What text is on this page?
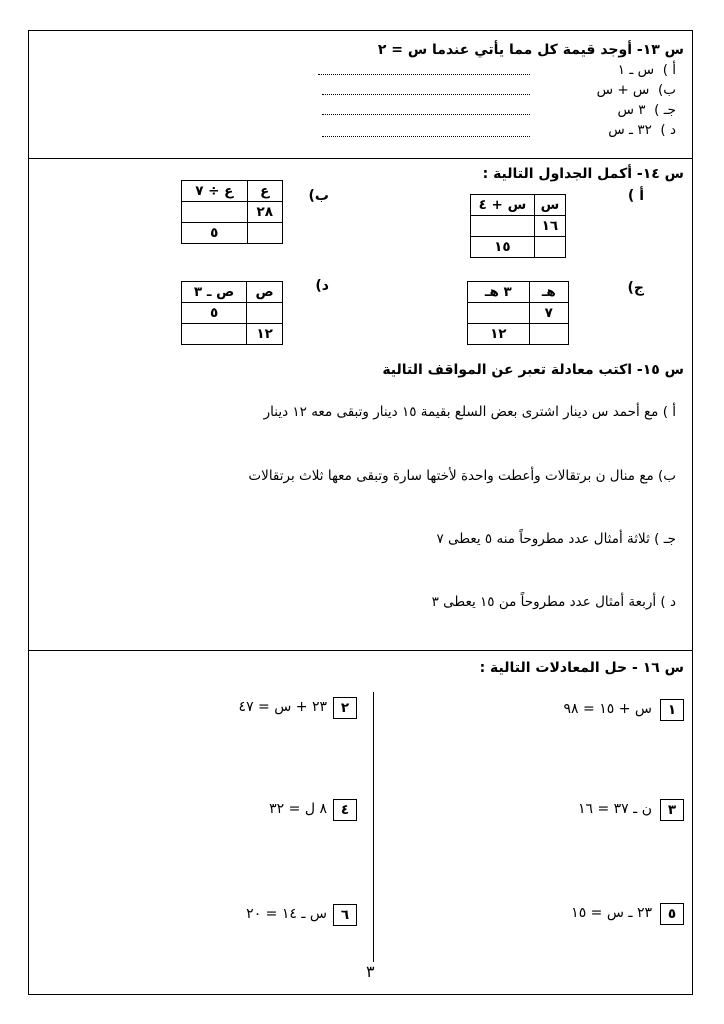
س ١٣- أوجد قيمة كل مما يأتي عندما س = ٢
أ )  س ـ ١
ب)  س + س
جـ )  ٣ س
د )  ٣٢ ـ س
س ١٤- أكمل الجداول التالية :
أ )
ب)
ج)
د)
س	س + ٤
١٦	
	١٥
ع	ع ÷ ٧
٢٨	
	٥
هـ	٣ هـ
٧	
	١٢
ص	ص ـ ٣
	٥
١٢	
س ١٥- اكتب معادلة تعبر عن المواقف التالية
أ ) مع أحمد س دينار اشترى بعض السلع بقيمة ١٥ دينار وتبقى معه ١٢ دينار
ب) مع منال ن برتقالات وأعطت واحدة لأختها سارة وتبقى معها ثلاث برتقالات
جـ ) ثلاثة أمثال عدد مطروحاً منه ٥ يعطى ٧
د ) أربعة أمثال عدد مطروحاً من ١٥ يعطى ٣
س ١٦ - حل المعادلات التالية :
١
س + ١٥ = ٩٨
٢
٢٣ + س = ٤٧
٣
ن ـ ٣٧ = ١٦
٤
٨ ل = ٣٢
٥
٢٣ ـ س = ١٥
٦
س ـ ١٤ = ٢٠
٣
